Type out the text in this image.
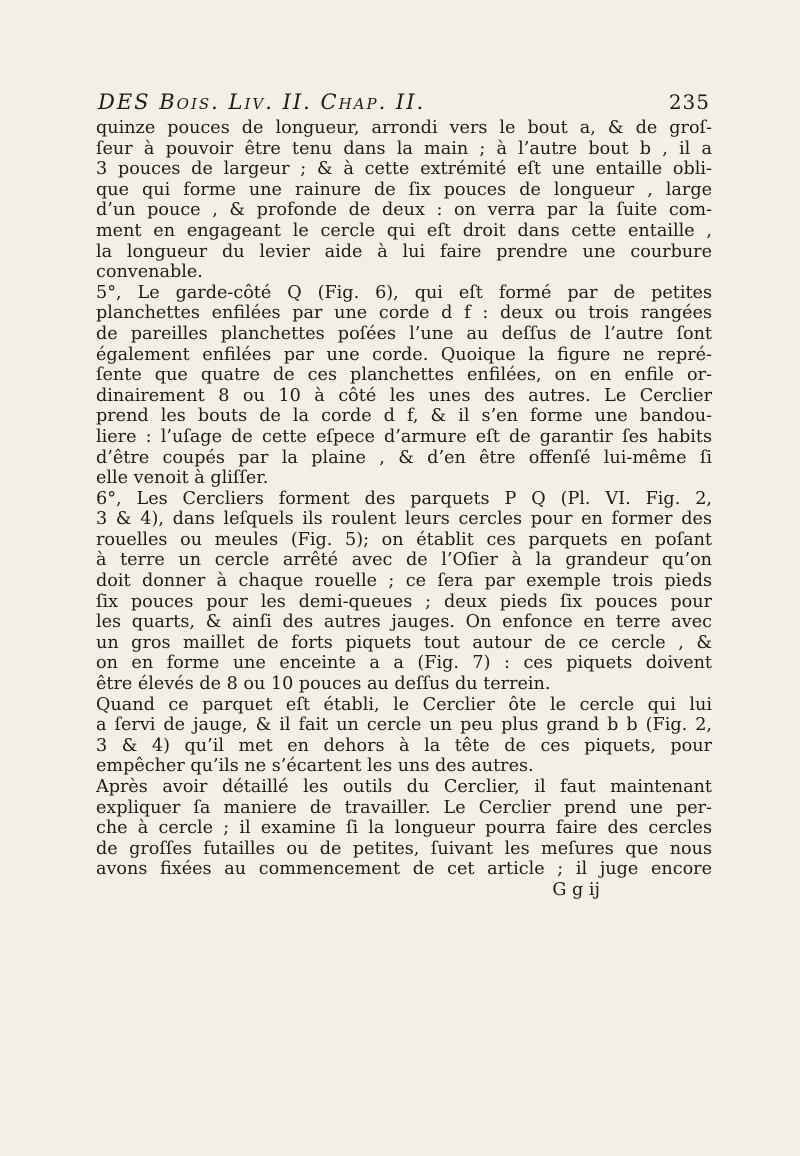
DES Bois. Liv. II. Chap. II.	235
quinze pouces de longueur, arrondi vers le bout a, & de groſ-
ſeur à pouvoir être tenu dans la main ; à l’autre bout b , il a
3 pouces de largeur ; & à cette extrémité eſt une entaille obli-
que qui forme une rainure de ſix pouces de longueur , large
d’un pouce , & profonde de deux : on verra par la ſuite com-
ment en engageant le cercle qui eſt droit dans cette entaille ,
la longueur du levier aide à lui faire prendre une courbure
convenable.
5°, Le garde-côté Q (Fig. 6), qui eſt formé par de petites
planchettes enfilées par une corde d f : deux ou trois rangées
de pareilles planchettes poſées l’une au deſſus de l’autre ſont
également enfilées par une corde. Quoique la figure ne repré-
ſente que quatre de ces planchettes enfilées, on en enfile or-
dinairement 8 ou 10 à côté les unes des autres. Le Cerclier
prend les bouts de la corde d f, & il s’en forme une bandou-
liere : l’uſage de cette eſpece d’armure eſt de garantir ſes habits
d’être coupés par la plaine , & d’en être offenſé lui-même ſi
elle venoit à gliſſer.
6°, Les Cercliers forment des parquets P Q (Pl. VI. Fig. 2,
3 & 4), dans leſquels ils roulent leurs cercles pour en former des
rouelles ou meules (Fig. 5); on établit ces parquets en poſant
à terre un cercle arrêté avec de l’Oſier à la grandeur qu’on
doit donner à chaque rouelle ; ce ſera par exemple trois pieds
ſix pouces pour les demi-queues ; deux pieds ſix pouces pour
les quarts, & ainſi des autres jauges. On enfonce en terre avec
un gros maillet de forts piquets tout autour de ce cercle , &
on en forme une enceinte a a (Fig. 7) : ces piquets doivent
être élevés de 8 ou 10 pouces au deſſus du terrein.
Quand ce parquet eſt établi, le Cerclier ôte le cercle qui lui
a ſervi de jauge, & il fait un cercle un peu plus grand b b (Fig. 2,
3 & 4) qu’il met en dehors à la tête de ces piquets, pour
empêcher qu’ils ne s’écartent les uns des autres.
Après avoir détaillé les outils du Cerclier, il faut maintenant
expliquer ſa maniere de travailler. Le Cerclier prend une per-
che à cercle ; il examine ſi la longueur pourra faire des cercles
de groſſes futailles ou de petites, ſuivant les meſures que nous
avons fixées au commencement de cet article ; il juge encore
G g ij
